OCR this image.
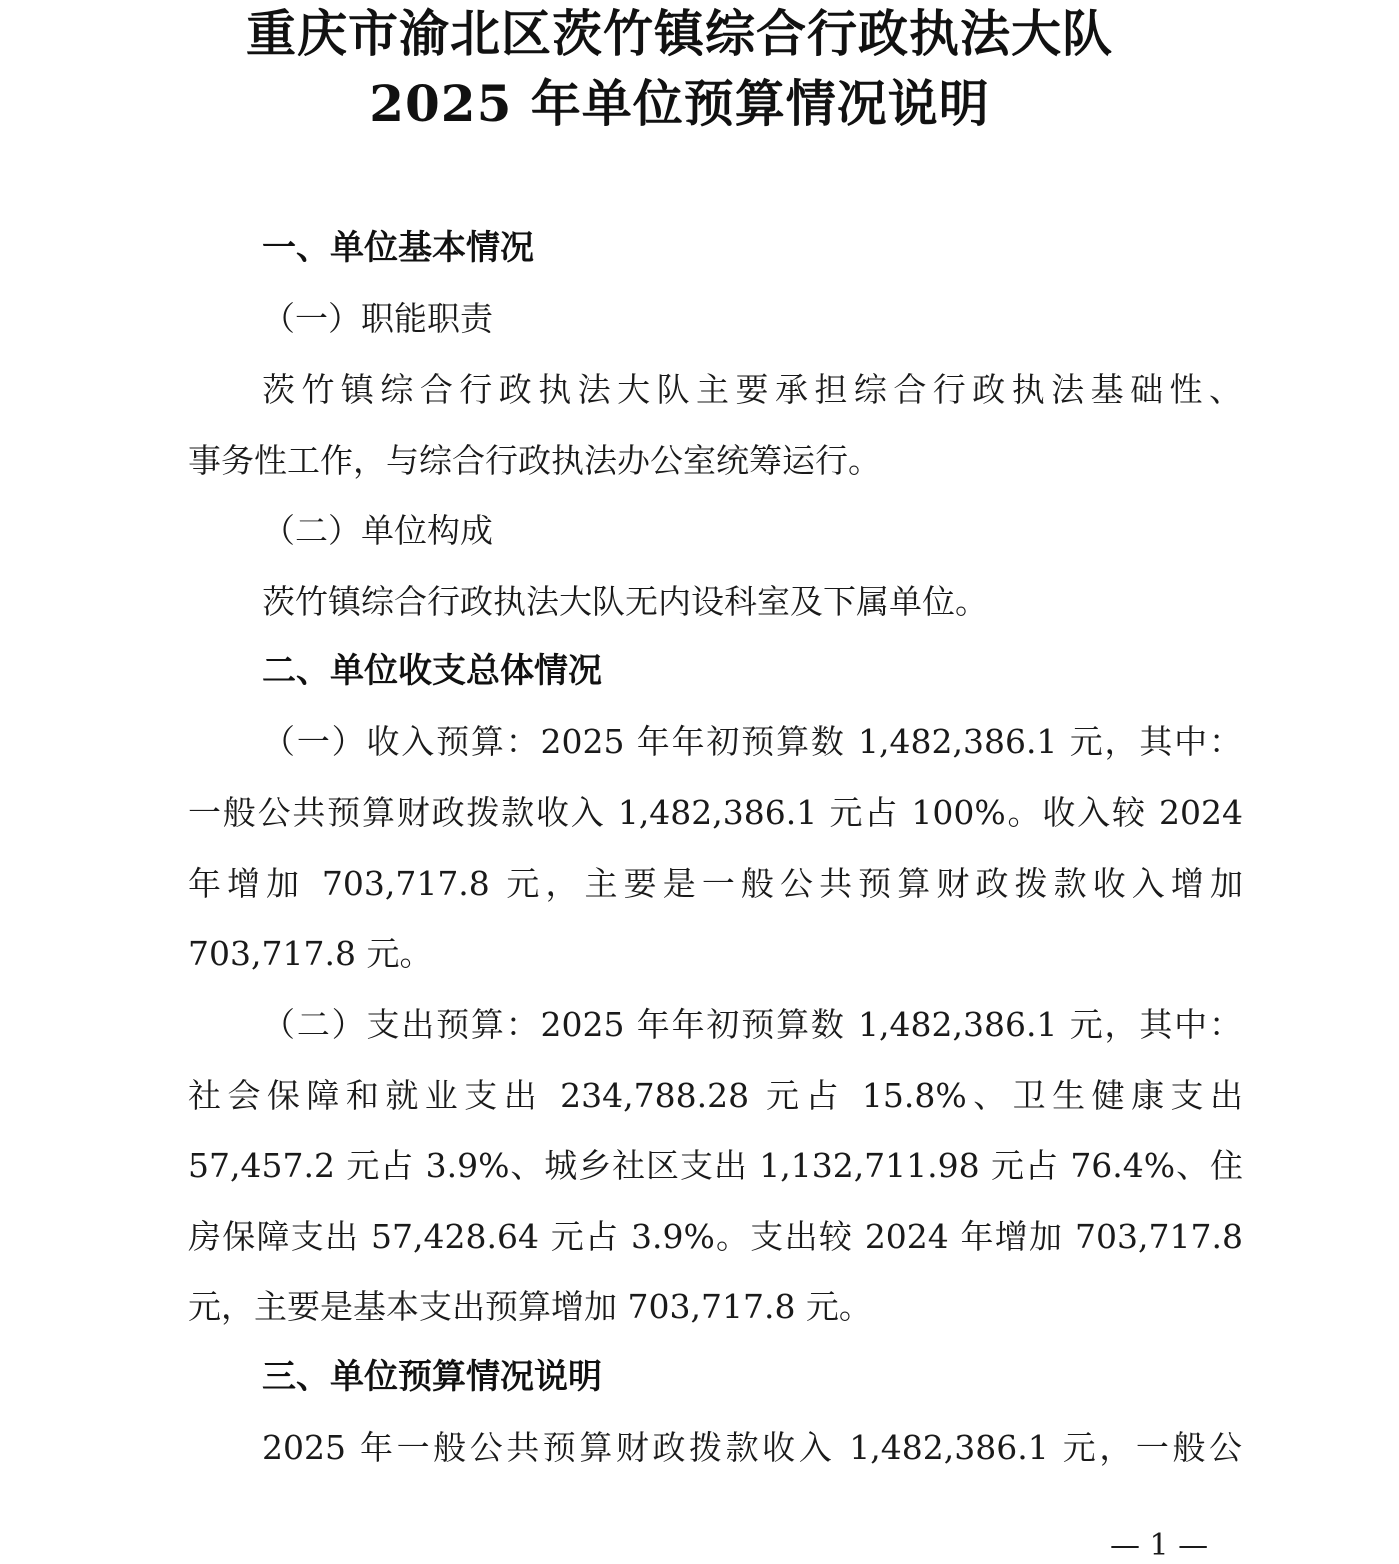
重庆市渝北区茨竹镇综合行政执法大队
2025 年单位预算情况说明
一、单位基本情况
（一）职能职责
茨竹镇综合行政执法大队主要承担综合行政执法基础性、
事务性工作，与综合行政执法办公室统筹运行。
（二）单位构成
茨竹镇综合行政执法大队无内设科室及下属单位。
二、单位收支总体情况
（一）收入预算：2025 年年初预算数 1,482,386.1 元，其中：
一般公共预算财政拨款收入 1,482,386.1 元占 100%。收入较 2024
年增加 703,717.8 元，主要是一般公共预算财政拨款收入增加
703,717.8 元。
（二）支出预算：2025 年年初预算数 1,482,386.1 元，其中：
社会保障和就业支出 234,788.28 元占 15.8%、卫生健康支出
57,457.2 元占 3.9%、城乡社区支出 1,132,711.98 元占 76.4%、住
房保障支出 57,428.64 元占 3.9%。支出较 2024 年增加 703,717.8
元，主要是基本支出预算增加 703,717.8 元。
三、单位预算情况说明
2025 年一般公共预算财政拨款收入 1,482,386.1 元，一般公
— 1 —
